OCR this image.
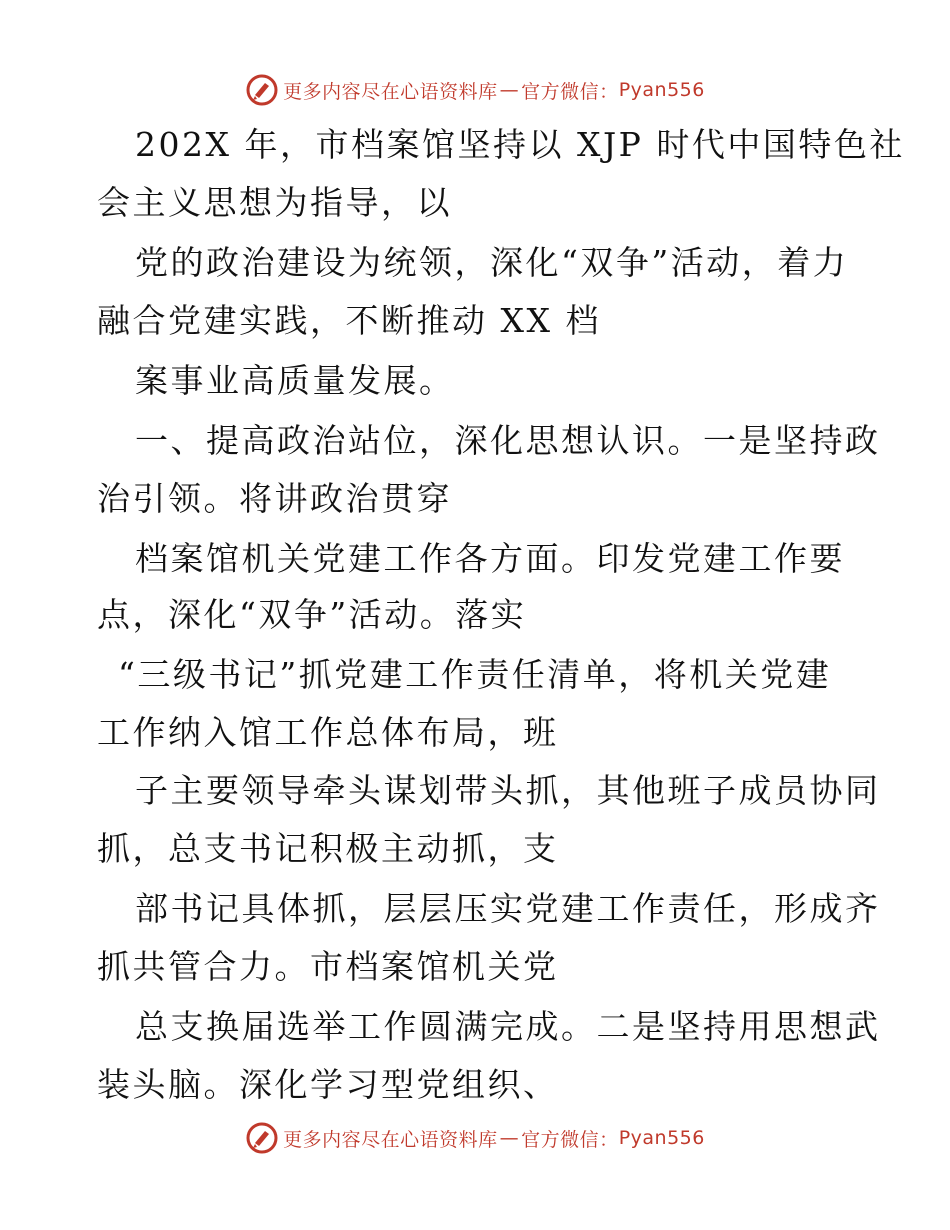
更多内容尽在心语资料库 — 官方微信： Pyan556
202X 年，市档案馆坚持以 XJP 时代中国特色社
会主义思想为指导，以
党的政治建设为统领，深化“双争”活动，着力
融合党建实践，不断推动 XX 档
案事业高质量发展。
一、提高政治站位，深化思想认识。一是坚持政
治引领。将讲政治贯穿
档案馆机关党建工作各方面。印发党建工作要
点，深化“双争”活动。落实
“三级书记”抓党建工作责任清单，将机关党建
工作纳入馆工作总体布局，班
子主要领导牵头谋划带头抓，其他班子成员协同
抓，总支书记积极主动抓，支
部书记具体抓，层层压实党建工作责任，形成齐
抓共管合力。市档案馆机关党
总支换届选举工作圆满完成。二是坚持用思想武
装头脑。深化学习型党组织、
更多内容尽在心语资料库 — 官方微信： Pyan556
